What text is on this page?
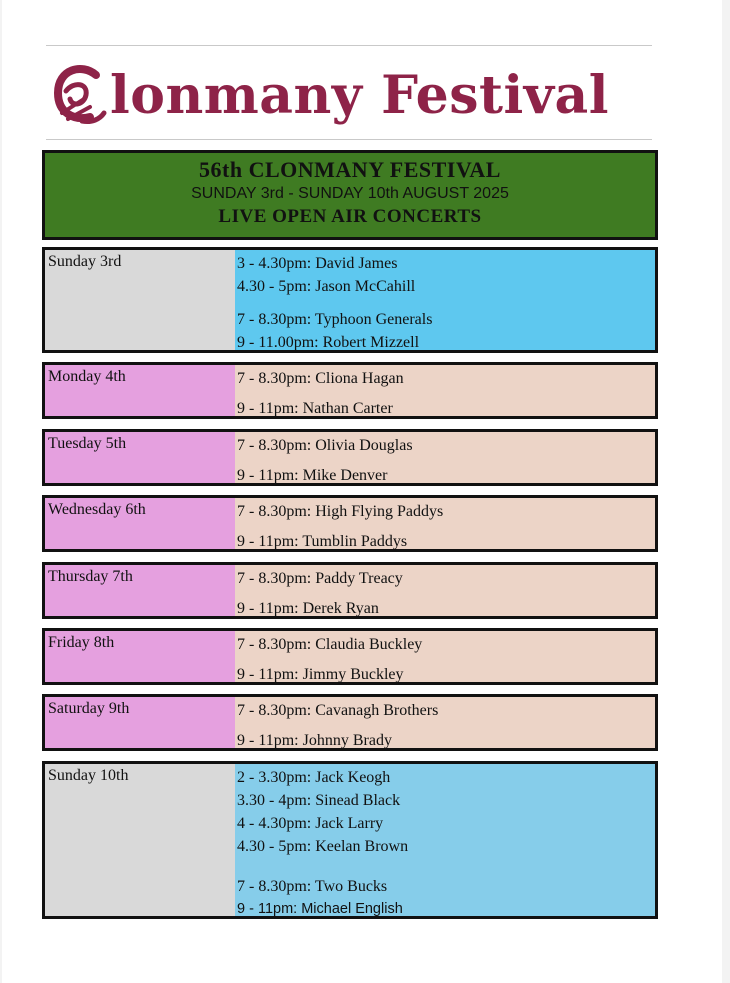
lonmany Festival
56th CLONMANY FESTIVAL
SUNDAY 3rd - SUNDAY 10th AUGUST 2025
LIVE OPEN AIR CONCERTS
Sunday 3rd	3 - 4.30pm: David James
4.30 - 5pm: Jason McCahill
7 - 8.30pm: Typhoon Generals
9 - 11.00pm: Robert Mizzell
Monday 4th	7 - 8.30pm: Cliona Hagan
9 - 11pm: Nathan Carter
Tuesday 5th	7 - 8.30pm: Olivia Douglas
9 - 11pm: Mike Denver
Wednesday 6th	7 - 8.30pm: High Flying Paddys
9 - 11pm: Tumblin Paddys
Thursday 7th	7 - 8.30pm: Paddy Treacy
9 - 11pm: Derek Ryan
Friday 8th	7 - 8.30pm: Claudia Buckley
9 - 11pm: Jimmy Buckley
Saturday 9th	7 - 8.30pm: Cavanagh Brothers
9 - 11pm: Johnny Brady
Sunday 10th	2 - 3.30pm: Jack Keogh
3.30 - 4pm: Sinead Black
4 - 4.30pm: Jack Larry
4.30 - 5pm: Keelan Brown
7 - 8.30pm: Two Bucks
9 - 11pm: Michael English
